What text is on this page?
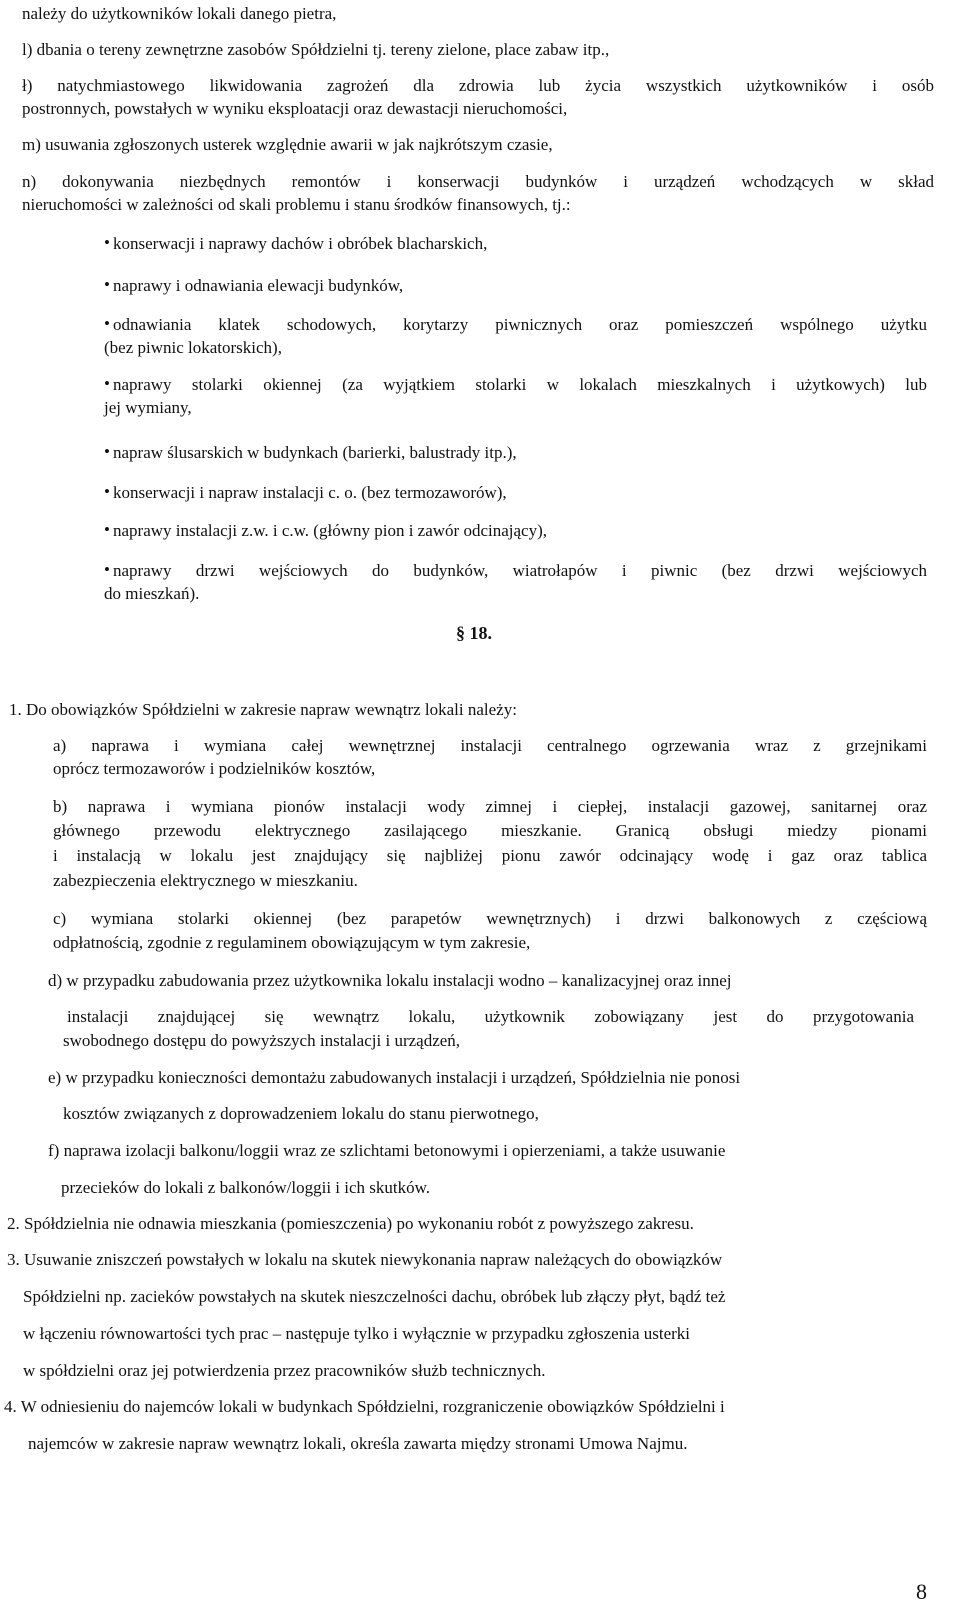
należy do użytkowników lokali danego pietra,
l) dbania o tereny zewnętrzne zasobów Spółdzielni tj. tereny zielone, place zabaw itp.,
ł) natychmiastowego likwidowania zagrożeń dla zdrowia lub życia wszystkich użytkowników i osób
postronnych, powstałych w wyniku eksploatacji oraz dewastacji nieruchomości,
m) usuwania zgłoszonych usterek względnie awarii w jak najkrótszym czasie,
n) dokonywania niezbędnych remontów i konserwacji budynków i urządzeń wchodzących w skład
nieruchomości w zależności od skali problemu i stanu środków finansowych, tj.:
• konserwacji i naprawy dachów i obróbek blacharskich,
• naprawy i odnawiania elewacji budynków,
• odnawiania klatek schodowych, korytarzy piwnicznych oraz pomieszczeń wspólnego użytku
(bez piwnic lokatorskich),
• naprawy stolarki okiennej (za wyjątkiem stolarki w lokalach mieszkalnych i użytkowych) lub
jej wymiany,
• napraw ślusarskich w budynkach (barierki, balustrady itp.),
• konserwacji i napraw instalacji c. o. (bez termozaworów),
• naprawy instalacji z.w. i c.w. (główny pion i zawór odcinający),
• naprawy drzwi wejściowych do budynków, wiatrołapów i piwnic (bez drzwi wejściowych
do mieszkań).
§ 18.
1. Do obowiązków Spółdzielni w zakresie napraw wewnątrz lokali należy:
a) naprawa i wymiana całej wewnętrznej instalacji centralnego ogrzewania wraz z grzejnikami
oprócz termozaworów i podzielników kosztów,
b) naprawa i wymiana pionów instalacji wody zimnej i ciepłej, instalacji gazowej, sanitarnej oraz
głównego przewodu elektrycznego zasilającego mieszkanie. Granicą obsługi miedzy pionami
i instalacją w lokalu jest znajdujący się najbliżej pionu zawór odcinający wodę i gaz oraz tablica
zabezpieczenia elektrycznego w mieszkaniu.
c) wymiana stolarki okiennej (bez parapetów wewnętrznych) i drzwi balkonowych z częściową
odpłatnością, zgodnie z regulaminem obowiązującym w tym zakresie,
d) w przypadku zabudowania przez użytkownika lokalu instalacji wodno – kanalizacyjnej oraz innej
instalacji znajdującej się wewnątrz lokalu, użytkownik zobowiązany jest do przygotowania
swobodnego dostępu do powyższych instalacji i urządzeń,
e) w przypadku konieczności demontażu zabudowanych instalacji i urządzeń, Spółdzielnia nie ponosi
kosztów związanych z doprowadzeniem lokalu do stanu pierwotnego,
f) naprawa izolacji balkonu/loggii wraz ze szlichtami betonowymi i opierzeniami, a także usuwanie
przecieków do lokali z balkonów/loggii i ich skutków.
2. Spółdzielnia nie odnawia mieszkania (pomieszczenia) po wykonaniu robót z powyższego zakresu.
3. Usuwanie zniszczeń powstałych w lokalu na skutek niewykonania napraw należących do obowiązków
Spółdzielni np. zacieków powstałych na skutek nieszczelności dachu, obróbek lub złączy płyt, bądź też
w łączeniu równowartości tych prac – następuje tylko i wyłącznie w przypadku zgłoszenia usterki
w spółdzielni oraz jej potwierdzenia przez pracowników służb technicznych.
4. W odniesieniu do najemców lokali w budynkach Spółdzielni, rozgraniczenie obowiązków Spółdzielni i
najemców w zakresie napraw wewnątrz lokali, określa zawarta między stronami Umowa Najmu.
8
